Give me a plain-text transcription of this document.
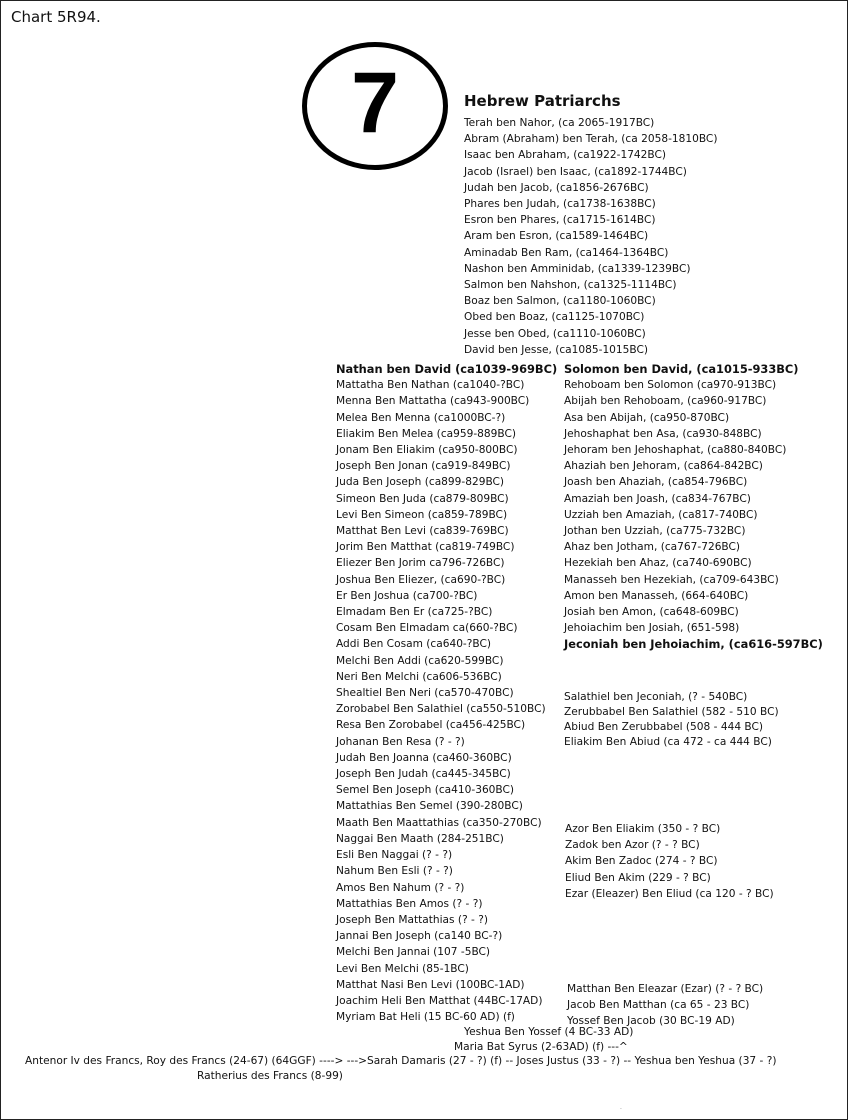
Chart 5R94.
7	Hebrew Patriarchs
Terah ben Nahor, (ca 2065-1917BC)
Abram (Abraham) ben Terah, (ca 2058-1810BC)
Isaac ben Abraham, (ca1922-1742BC)
Jacob (Israel) ben Isaac, (ca1892-1744BC)
Judah ben Jacob, (ca1856-2676BC)
Phares ben Judah, (ca1738-1638BC)
Esron ben Phares, (ca1715-1614BC)
Aram ben Esron, (ca1589-1464BC)
Aminadab Ben Ram, (ca1464-1364BC)
Nashon ben Amminidab, (ca1339-1239BC)
Salmon ben Nahshon, (ca1325-1114BC)
Boaz ben Salmon, (ca1180-1060BC)
Obed ben Boaz, (ca1125-1070BC)
Jesse ben Obed, (ca1110-1060BC)
David ben Jesse, (ca1085-1015BC)
Nathan ben David (ca1039-969BC)
Mattatha Ben Nathan (ca1040-?BC)
Menna Ben Mattatha (ca943-900BC)
Melea Ben Menna (ca1000BC-?)
Eliakim Ben Melea (ca959-889BC)
Jonam Ben Eliakim (ca950-800BC)
Joseph Ben Jonan (ca919-849BC)
Juda Ben Joseph (ca899-829BC)
Simeon Ben Juda (ca879-809BC)
Levi Ben Simeon (ca859-789BC)
Matthat Ben Levi (ca839-769BC)
Jorim Ben Matthat (ca819-749BC)
Eliezer Ben Jorim ca796-726BC)
Joshua Ben Eliezer, (ca690-?BC)
Er Ben Joshua (ca700-?BC)
Elmadam Ben Er (ca725-?BC)
Cosam Ben Elmadam ca(660-?BC)
Addi Ben Cosam (ca640-?BC)
Melchi Ben Addi (ca620-599BC)
Neri Ben Melchi (ca606-536BC)
Shealtiel Ben Neri (ca570-470BC)
Zorobabel Ben Salathiel (ca550-510BC)
Resa Ben Zorobabel (ca456-425BC)
Johanan Ben Resa (? - ?)
Judah Ben Joanna (ca460-360BC)
Joseph Ben Judah (ca445-345BC)
Semel Ben Joseph (ca410-360BC)
Mattathias Ben Semel (390-280BC)
Maath Ben Maattathias (ca350-270BC)
Naggai Ben Maath (284-251BC)
Esli Ben Naggai (? - ?)
Nahum Ben Esli (? - ?)
Amos Ben Nahum (? - ?)
Mattathias Ben Amos (? - ?)
Joseph Ben Mattathias (? - ?)
Jannai Ben Joseph (ca140 BC-?)
Melchi Ben Jannai (107 -5BC)
Levi Ben Melchi (85-1BC)
Matthat Nasi Ben Levi (100BC-1AD)
Joachim Heli Ben Matthat (44BC-17AD)
Myriam Bat Heli (15 BC-60 AD) (f)
Solomon ben David, (ca1015-933BC)
Rehoboam ben Solomon (ca970-913BC)
Abijah ben Rehoboam, (ca960-917BC)
Asa ben Abijah, (ca950-870BC)
Jehoshaphat ben Asa, (ca930-848BC)
Jehoram ben Jehoshaphat, (ca880-840BC)
Ahaziah ben Jehoram, (ca864-842BC)
Joash ben Ahaziah, (ca854-796BC)
Amaziah ben Joash, (ca834-767BC)
Uzziah ben Amaziah, (ca817-740BC)
Jothan ben Uzziah, (ca775-732BC)
Ahaz ben Jotham, (ca767-726BC)
Hezekiah ben Ahaz, (ca740-690BC)
Manasseh ben Hezekiah, (ca709-643BC)
Amon ben Manasseh, (664-640BC)
Josiah ben Amon, (ca648-609BC)
Jehoiachim ben Josiah, (651-598)
Jeconiah ben Jehoiachim, (ca616-597BC)
Salathiel ben Jeconiah, (? - 540BC)
Zerubbabel Ben Salathiel (582 - 510 BC)
Abiud Ben Zerubbabel (508 - 444 BC)
Eliakim Ben Abiud (ca 472 - ca 444 BC)
Azor Ben Eliakim (350 - ? BC)
Zadok ben Azor (? - ? BC)
Akim Ben Zadoc (274 - ? BC)
Eliud Ben Akim (229 - ? BC)
Ezar (Eleazer) Ben Eliud (ca 120 - ? BC)
Matthan Ben Eleazar (Ezar) (? - ? BC)
Jacob Ben Matthan (ca 65 - 23 BC)
Yossef Ben Jacob (30 BC-19 AD)
Yeshua Ben Yossef (4 BC-33 AD)
Maria Bat Syrus (2-63AD) (f) ---^
Antenor Iv des Francs, Roy des Francs (24-67) (64GGF) ----> --->Sarah Damaris (27 - ?) (f) -- Joses Justus (33 - ?) -- Yeshua ben Yeshua (37 - ?)
Ratherius des Francs (8-99)
.
